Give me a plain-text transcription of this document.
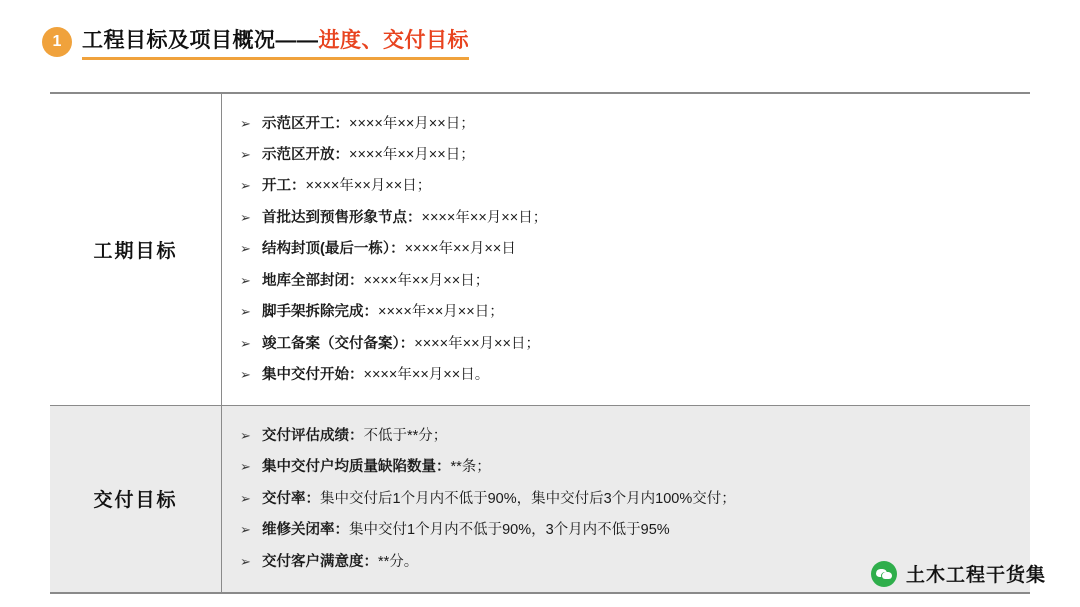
1 工程目标及项目概况—— 进度、交付目标
工期目标
➢ 示范区开工：××××年××月××日；
➢ 示范区开放：××××年××月××日；
➢ 开工：××××年××月××日；
➢ 首批达到预售形象节点：××××年××月××日；
➢ 结构封顶(最后一栋）：××××年××月××日
➢ 地库全部封闭：××××年××月××日；
➢ 脚手架拆除完成：××××年××月××日；
➢ 竣工备案（交付备案）：××××年××月××日；
➢ 集中交付开始：××××年××月××日。
交付目标
➢ 交付评估成绩：不低于**分；
➢ 集中交付户均质量缺陷数量：**条；
➢ 交付率：集中交付后1个月内不低于90%，集中交付后3个月内100%交付；
➢ 维修关闭率：集中交付1个月内不低于90%，3个月内不低于95%
➢ 交付客户满意度：**分。
土木工程干货集
